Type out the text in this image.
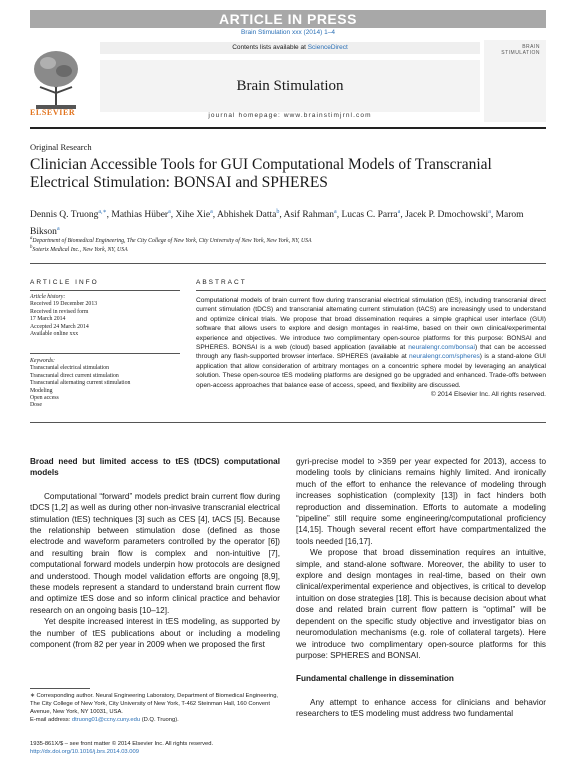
ARTICLE IN PRESS
Brain Stimulation xxx (2014) 1–4
ELSEVIER
Contents lists available at ScienceDirect
Brain Stimulation
journal homepage: www.brainstimjrnl.com
BRAIN
STIMULATION
Original Research
Clinician Accessible Tools for GUI Computational Models of Transcranial Electrical Stimulation: BONSAI and SPHERES
Dennis Q. Truong$^{a,∗}$, Mathias Hüber$^a$, Xihe Xie$^a$, Abhishek Datta$^b$, Asif Rahman$^a$, Lucas C. Parra$^a$, Jacek P. Dmochowski$^a$, Marom Bikson$^a$
$^a$Department of Biomedical Engineering, The City College of New York, City University of New York, New York, NY, USA
$^b$Soterix Medical Inc., New York, NY, USA
ARTICLE INFO	ABSTRACT
Article history:
Received 19 December 2013
Received in revised form
17 March 2014
Accepted 24 March 2014
Available online xxx
Keywords:
Transcranial electrical stimulation
Transcranial direct current stimulation
Transcranial alternating current stimulation
Modeling
Open access
Dose
Computational models of brain current flow during transcranial electrical stimulation (tES), including transcranial direct current stimulation (tDCS) and transcranial alternating current stimulation (tACS) are increasingly used to understand and optimize clinical trials. We propose that broad dissemination requires a simple graphical user interface (GUI) software that allows users to explore and design montages in real-time, based on their own clinical/experimental experience and objectives. We introduce two complimentary open-source platforms for this purpose: BONSAI and SPHERES. BONSAI is a web (cloud) based application (available at neuralengr.com/bonsai) that can be accessed through any flash-supported browser interface. SPHERES (available at neuralengr.com/spheres) is a stand-alone GUI application that allow consideration of arbitrary montages on a concentric sphere model by leveraging an analytical solution. These open-source tES modeling platforms are designed go be upgraded and enhanced. Trade-offs between open-access approaches that balance ease of access, speed, and flexibility are discussed.
© 2014 Elsevier Inc. All rights reserved.

Broad need but limited access to tES (tDCS) computational models

Computational “forward” models predict brain current flow during tDCS [1,2] as well as during other non-invasive transcranial electrical stimulation (tES) techniques [3] such as CES [4], tACS [5]. Because the relationship between stimulation dose (defined as those electrode and waveform parameters controlled by the operator [6]) and resulting brain flow is complex and non-intuitive [7], computational forward models underpin how protocols are designed and understood. Though model validation efforts are ongoing [8,9], these models represent a standard to understand brain current flow and optimize tES dose and so inform clinical practice and behavior research on an ongoing basis [10–12].

Yet despite increased interest in tES modeling, as supported by the number of tES publications about or including a modeling component (from 82 per year in 2009 when we proposed the first

gyri-precise model to >359 per year expected for 2013), access to modeling tools by clinicians remains highly limited. And ironically much of the effort to enhance the relevance of modeling through increases sophistication (complexity [13]) in fact hinders both reproduction and dissemination. Efforts to automate a modeling “pipeline” still require some engineering/computational proficiency [14,15]. Though several recent effort have compartmentalized the tools needed [16,17].

We propose that broad dissemination requires an intuitive, simple, and stand-alone software. Moreover, the ability to user to explore and design montages in real-time, based on their own clinical/experimental experience and objectives, is critical to develop intuition on dose strategies [18]. This is because decision about what dose and related brain current flow pattern is “optimal” will be dependent on the specific study objective and investigator bias on neuromodulation mechanisms (e.g. role of collateral targets). Here we introduce two complimentary open-source platforms for this purpose: SPHERES and BONSAI.

Fundamental challenge in dissemination

Any attempt to enhance access for clinicians and behavior researchers to tES modeling must address two fundamental

∗ Corresponding author. Neural Engineering Laboratory, Department of Biomedical Engineering, The City College of New York, City University of New York, T-462 Steinman Hall, 160 Convent Avenue, New York, NY 10031, USA.
E-mail address: dtruong01@ccny.cuny.edu (D.Q. Truong).
1935-861X/$ – see front matter © 2014 Elsevier Inc. All rights reserved.
http://dx.doi.org/10.1016/j.brs.2014.03.009
